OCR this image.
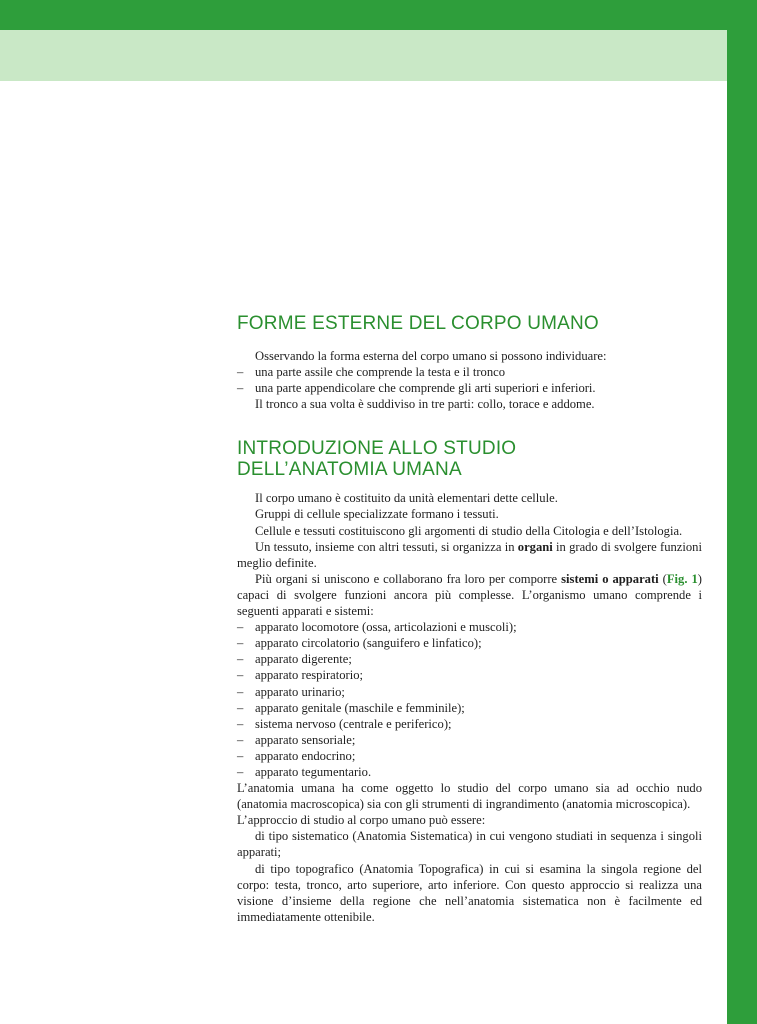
FORME ESTERNE DEL CORPO UMANO

Osservando la forma esterna del corpo umano si possono individuare:

– una parte assile che comprende la testa e il tronco

– una parte appendicolare che comprende gli arti superiori e inferiori.

Il tronco a sua volta è suddiviso in tre parti: collo, torace e addome.

INTRODUZIONE ALLO STUDIO
DELL’ANATOMIA UMANA

Il corpo umano è costituito da unità elementari dette cellule.

Gruppi di cellule specializzate formano i tessuti.

Cellule e tessuti costituiscono gli argomenti di studio della Citologia e dell’Istologia.

Un tessuto, insieme con altri tessuti, si organizza in organi in grado di svolgere funzioni meglio definite.

Più organi si uniscono e collaborano fra loro per comporre sistemi o apparati (Fig. 1) capaci di svolgere funzioni ancora più complesse. L’organismo umano comprende i seguenti apparati e sistemi:

– apparato locomotore (ossa, articolazioni e muscoli);

– apparato circolatorio (sanguifero e linfatico);

– apparato digerente;

– apparato respiratorio;

– apparato urinario;

– apparato genitale (maschile e femminile);

– sistema nervoso (centrale e periferico);

– apparato sensoriale;

– apparato endocrino;

– apparato tegumentario.

L’anatomia umana ha come oggetto lo studio del corpo umano sia ad occhio nudo (anatomia macroscopica) sia con gli strumenti di ingrandimento (anatomia microscopica).

L’approccio di studio al corpo umano può essere:

di tipo sistematico (Anatomia Sistematica) in cui vengono studiati in sequenza i singoli apparati;

di tipo topografico (Anatomia Topografica) in cui si esamina la singola regione del corpo: testa, tronco, arto superiore, arto inferiore. Con questo approccio si realizza una visione d’insieme della regione che nell’anatomia sistematica non è facilmente ed immediatamente ottenibile.
